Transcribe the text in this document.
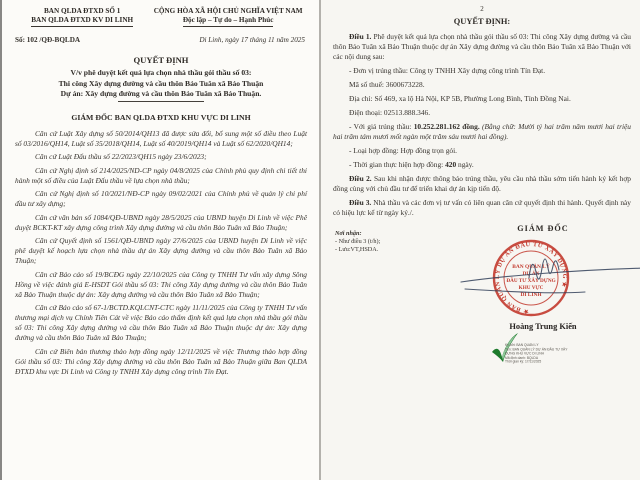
BAN QLDA ĐTXD SỐ 1
BAN QLDA ĐTXD KV DI LINH
CỘNG HÒA XÃ HỘI CHỦ NGHĨA VIỆT NAM
Độc lập – Tự do – Hạnh Phúc
Số: 102 /QĐ-BQLDA	Di Linh, ngày 17 tháng 11 năm 2025
QUYẾT ĐỊNH
V/v phê duyệt kết quả lựa chọn nhà thầu gói thầu số 03:
Thi công Xây dựng đường và cầu thôn Bảo Tuân xã Bảo Thuận
Dự án: Xây dựng đường và cầu thôn Bảo Tuân xã Bảo Thuận.
GIÁM ĐỐC BAN QLDA ĐTXD KHU VỰC DI LINH

Căn cứ Luật Xây dựng số 50/2014/QH13 đã được sửa đổi, bổ sung một số điều theo Luật số 03/2016/QH14, Luật số 35/2018/QH14, Luật số 40/2019/QH14 và Luật số 62/2020/QH14;

Căn cứ Luật Đấu thầu số 22/2023/QH15 ngày 23/6/2023;

Căn cứ Nghị định số 214/2025/ND-CP ngày 04/8/2025 của Chính phủ quy định chi tiết thi hành một số điều của Luật Đấu thầu về lựa chọn nhà thầu;

Căn cứ Nghị định số 10/2021/NĐ-CP ngày 09/02/2021 của Chính phủ về quản lý chi phí đầu tư xây dựng;

Căn cứ văn bản số 1084/QĐ-UBND ngày 28/5/2025 của UBND huyện Di Linh về việc Phê duyệt BCKT-KT xây dựng công trình Xây dựng đường và cầu thôn Bảo Tuân xã Bảo Thuận;

Căn cứ Quyết định số 1561/QĐ-UBND ngày 27/6/2025 của UBND huyện Di Linh về việc phê duyệt kế hoạch lựa chọn nhà thầu dự án Xây dựng đường và cầu thôn Bảo Tuân xã Bảo Thuận;

Căn cứ Báo cáo số 19/BCĐG ngày 22/10/2025 của Công ty TNHH Tư vấn xây dựng Sông Hồng về việc đánh giá E-HSDT Gói thầu số 03: Thi công Xây dựng đường và cầu thôn Bảo Tuân xã Bảo Thuận thuộc dự án: Xây dựng đường và cầu thôn Bảo Tuân xã Bảo Thuận;

Căn cứ Báo cáo số 67-1/BCTD.KQLCNT-CTC ngày 11/11/2025 của Công ty TNHH Tư vấn thương mại dịch vụ Chính Tiên Cát về việc Báo cáo thẩm định kết quả lựa chọn nhà thầu gói thầu số 03: Thi công Xây dựng đường và cầu thôn Bảo Tuân xã Bảo Thuận thuộc dự án: Xây dựng đường và cầu thôn Bảo Tuân xã Bảo Thuận;

Căn cứ Biên bản thương thảo hợp đồng ngày 12/11/2025 về việc Thương thảo hợp đồng Gói thầu số 03: Thi công Xây dựng đường và cầu thôn Bảo Tuân xã Bảo Thuận giữa Ban QLDA ĐTXD khu vực Di Linh và Công ty TNHH Xây dựng công trình Tín Đạt.

2
QUYẾT ĐỊNH:

Điều 1. Phê duyệt kết quả lựa chọn nhà thầu gói thầu số 03: Thi công Xây dựng đường và cầu thôn Bảo Tuân xã Bảo Thuận thuộc dự án Xây dựng đường và cầu thôn Bảo Tuân xã Bảo Thuận với các nội dung sau:

- Đơn vị trúng thầu: Công ty TNHH Xây dựng công trình Tín Đạt.

Mã số thuế: 3600673228.

Địa chỉ: Số 469, xa lộ Hà Nội, KP 5B, Phường Long Bình, Tỉnh Đồng Nai.

Điện thoại: 02513.888.346.

- Với giá trúng thầu: 10.252.281.162 đồng. (Bằng chữ: Mười tỷ hai trăm năm mươi hai triệu hai trăm tám mươi mốt ngàn một trăm sáu mươi hai đồng).

- Loại hợp đồng: Hợp đồng trọn gói.

- Thời gian thực hiện hợp đồng: 420 ngày.

Điều 2. Sau khi nhận được thông báo trúng thầu, yêu cầu nhà thầu sớm tiến hành ký kết hợp đồng cùng với chủ đầu tư để triển khai dự án kịp tiến độ.

Điều 3. Nhà thầu và các đơn vị tư vấn có liên quan căn cứ quyết định thi hành. Quyết định này có hiệu lực kể từ ngày ký./.

Nơi nhận:
- Như điều 3 (t/h);
- Lưu:VT,HSDA.
GIÁM ĐỐC
★ BAN QUẢN LÝ DỰ ÁN ĐẦU TƯ XÂY DỰNG ★
BAN QUẢN LÝ
DỰ ÁN
ĐẦU TƯ XÂY DỰNG
KHU VỰC
DI LINH
Hoàng Trung Kiến
Ký bởi: BAN QUẢN LÝ
Tên: BAN QUẢN LÝ DỰ ÁN ĐẦU TƯ XÂY
DỰNG KHU VỰC DI LINH
Mã định danh: BQLDA
Thời gian ký: 17/11/2025
